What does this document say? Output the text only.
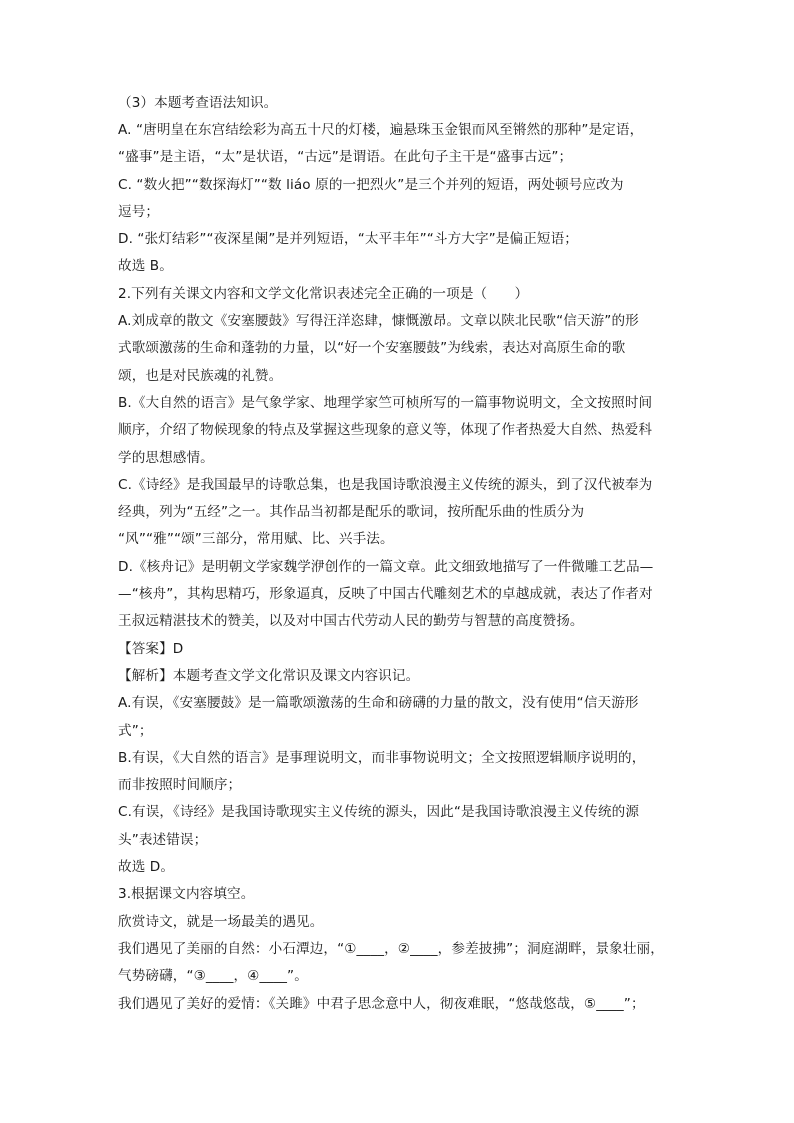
（3）本题考查语法知识。
A. “唐明皇在东宫结绘彩为高五十尺的灯楼，遍悬珠玉金银而风至锵然的那种”是定语，
“盛事”是主语，“太”是状语，“古远”是谓语。在此句子主干是“盛事古远”；
C. “数火把”“数探海灯”“数 liáo 原的一把烈火”是三个并列的短语，两处顿号应改为
逗号；
D. “张灯结彩”“夜深星阑”是并列短语，“太平丰年”“斗方大字”是偏正短语；
故选 B。
2.下列有关课文内容和文学文化常识表述完全正确的一项是（　　）
A.刘成章的散文《安塞腰鼓》写得汪洋恣肆，慷慨激昂。文章以陕北民歌“信天游”的形
式歌颂激荡的生命和蓬勃的力量，以“好一个安塞腰鼓”为线索，表达对高原生命的歌
颂，也是对民族魂的礼赞。
B.《大自然的语言》是气象学家、地理学家竺可桢所写的一篇事物说明文，全文按照时间
顺序，介绍了物候现象的特点及掌握这些现象的意义等，体现了作者热爱大自然、热爱科
学的思想感情。
C.《诗经》是我国最早的诗歌总集，也是我国诗歌浪漫主义传统的源头，到了汉代被奉为
经典，列为“五经”之一。其作品当初都是配乐的歌词，按所配乐曲的性质分为
“风”“雅”“颂”三部分，常用赋、比、兴手法。
D.《核舟记》是明朝文学家魏学洢创作的一篇文章。此文细致地描写了一件微雕工艺品—
—“核舟”，其构思精巧，形象逼真，反映了中国古代雕刻艺术的卓越成就，表达了作者对
王叔远精湛技术的赞美，以及对中国古代劳动人民的勤劳与智慧的高度赞扬。
【答案】D
【解析】本题考查文学文化常识及课文内容识记。
A.有误，《安塞腰鼓》是一篇歌颂激荡的生命和磅礴的力量的散文，没有使用“信天游形
式”；
B.有误，《大自然的语言》是事理说明文，而非事物说明文；全文按照逻辑顺序说明的，
而非按照时间顺序；
C.有误，《诗经》是我国诗歌现实主义传统的源头，因此“是我国诗歌浪漫主义传统的源
头”表述错误；
故选 D。
3.根据课文内容填空。
欣赏诗文，就是一场最美的遇见。
我们遇见了美丽的自然：小石潭边，“①____，②____，参差披拂”；洞庭湖畔，景象壮丽，
气势磅礴，“③____，④____”。
我们遇见了美好的爱情：《关雎》中君子思念意中人，彻夜难眠，“悠哉悠哉，⑤____”；
